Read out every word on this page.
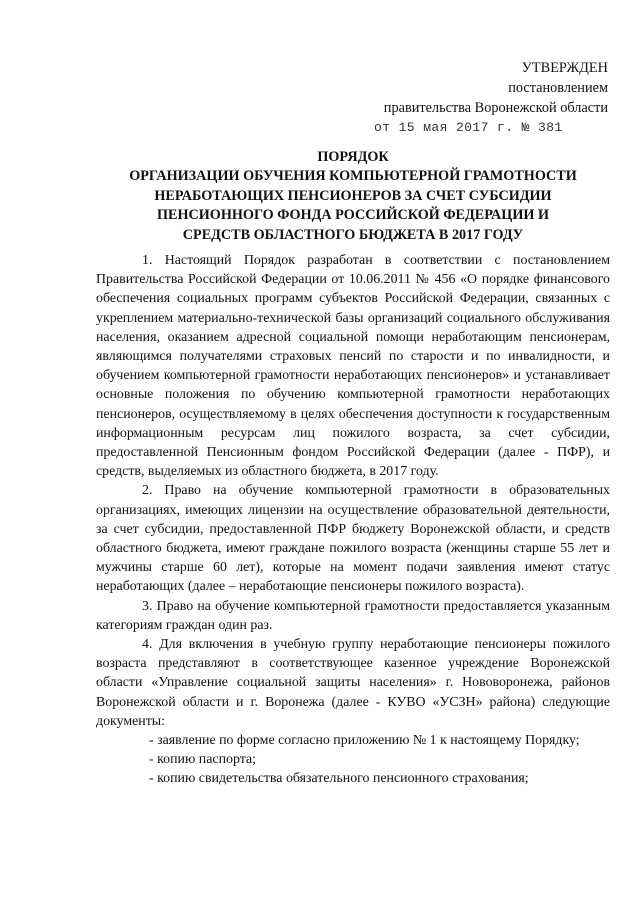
УТВЕРЖДЕН
постановлением
правительства Воронежской области
от 15 мая 2017 г. № 381
ПОРЯДОК
ОРГАНИЗАЦИИ ОБУЧЕНИЯ КОМПЬЮТЕРНОЙ ГРАМОТНОСТИ
НЕРАБОТАЮЩИХ ПЕНСИОНЕРОВ ЗА СЧЕТ СУБСИДИИ
ПЕНСИОННОГО ФОНДА РОССИЙСКОЙ ФЕДЕРАЦИИ И
СРЕДСТВ ОБЛАСТНОГО БЮДЖЕТА В 2017 ГОДУ

1. Настоящий Порядок разработан в соответствии с постановлением Правительства Российской Федерации от 10.06.2011 № 456 «О порядке финансового обеспечения социальных программ субъектов Российской Федерации, связанных с укреплением материально-технической базы организаций социального обслуживания населения, оказанием адресной социальной помощи неработающим пенсионерам, являющимся получателями страховых пенсий по старости и по инвалидности, и обучением компьютерной грамотности неработающих пенсионеров» и устанавливает основные положения по обучению компьютерной грамотности неработающих пенсионеров, осуществляемому в целях обеспечения доступности к государственным информационным ресурсам лиц пожилого возраста, за счет субсидии, предоставленной Пенсионным фондом Российской Федерации (далее - ПФР), и средств, выделяемых из областного бюджета, в 2017 году.

2. Право на обучение компьютерной грамотности в образовательных организациях, имеющих лицензии на осуществление образовательной деятельности, за счет субсидии, предоставленной ПФР бюджету Воронежской области, и средств областного бюджета, имеют граждане пожилого возраста (женщины старше 55 лет и мужчины старше 60 лет), которые на момент подачи заявления имеют статус неработающих (далее – неработающие пенсионеры пожилого возраста).

3. Право на обучение компьютерной грамотности предоставляется указанным категориям граждан один раз.

4. Для включения в учебную группу неработающие пенсионеры пожилого возраста представляют в соответствующее казенное учреждение Воронежской области «Управление социальной защиты населения» г. Нововоронежа, районов Воронежской области и г. Воронежа (далее - КУВО «УСЗН» района) следующие документы:

- заявление по форме согласно приложению № 1 к настоящему Порядку;

- копию паспорта;

- копию свидетельства обязательного пенсионного страхования;
